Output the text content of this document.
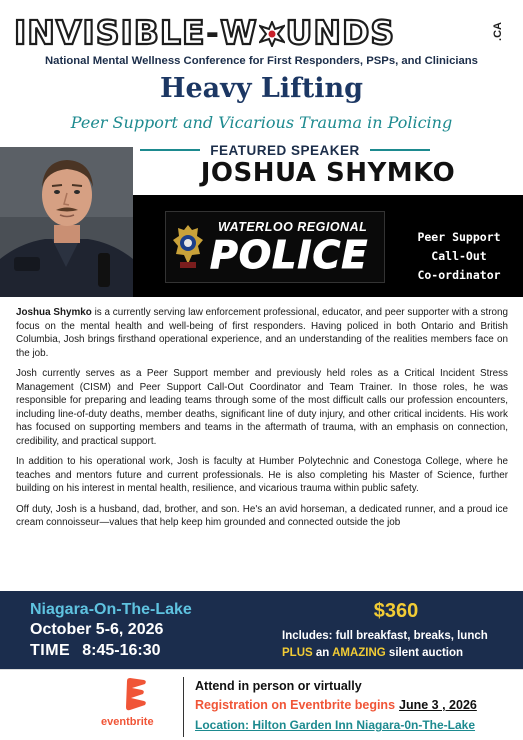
INVISIBLE - W UNDS	.CA
National Mental Wellness Conference for First Responders, PSPs, and Clinicians
Heavy Lifting
Peer Support and Vicarious Trauma in Policing
FEATURED SPEAKER
JOSHUA SHYMKO
WATERLOO REGIONAL
POLICE	Peer Support
Call-Out
Co-ordinator

Joshua Shymko is a currently serving law enforcement professional, educator, and peer supporter with a strong focus on the mental health and well-being of first responders. Having policed in both Ontario and British Columbia, Josh brings firsthand operational experience, and an understanding of the realities members face on the job.

Josh currently serves as a Peer Support member and previously held roles as a Critical Incident Stress Management (CISM) and Peer Support Call-Out Coordinator and Team Trainer. In those roles, he was responsible for preparing and leading teams through some of the most difficult calls our profession encounters, including line-of-duty deaths, member deaths, significant line of duty injury, and other critical incidents. His work has focused on supporting members and teams in the aftermath of trauma, with an emphasis on connection, credibility, and practical support.

In addition to his operational work, Josh is faculty at Humber Polytechnic and Conestoga College, where he teaches and mentors future and current professionals. He is also completing his Master of Science, further building on his interest in mental health, resilience, and vicarious trauma within public safety.

Off duty, Josh is a husband, dad, brother, and son. He's an avid horseman, a dedicated runner, and a proud ice cream connoisseur—values that help keep him grounded and connected outside the job

Niagara-On-The-Lake
October 5-6, 2026
TIME 8:45-16:30
$360
Includes: full breakfast, breaks, lunch
PLUS an AMAZING silent auction
eventbrite
Attend in person or virtually
Registration on Eventbrite begins June 3 , 2026
Location: Hilton Garden Inn Niagara-0n-The-Lake
